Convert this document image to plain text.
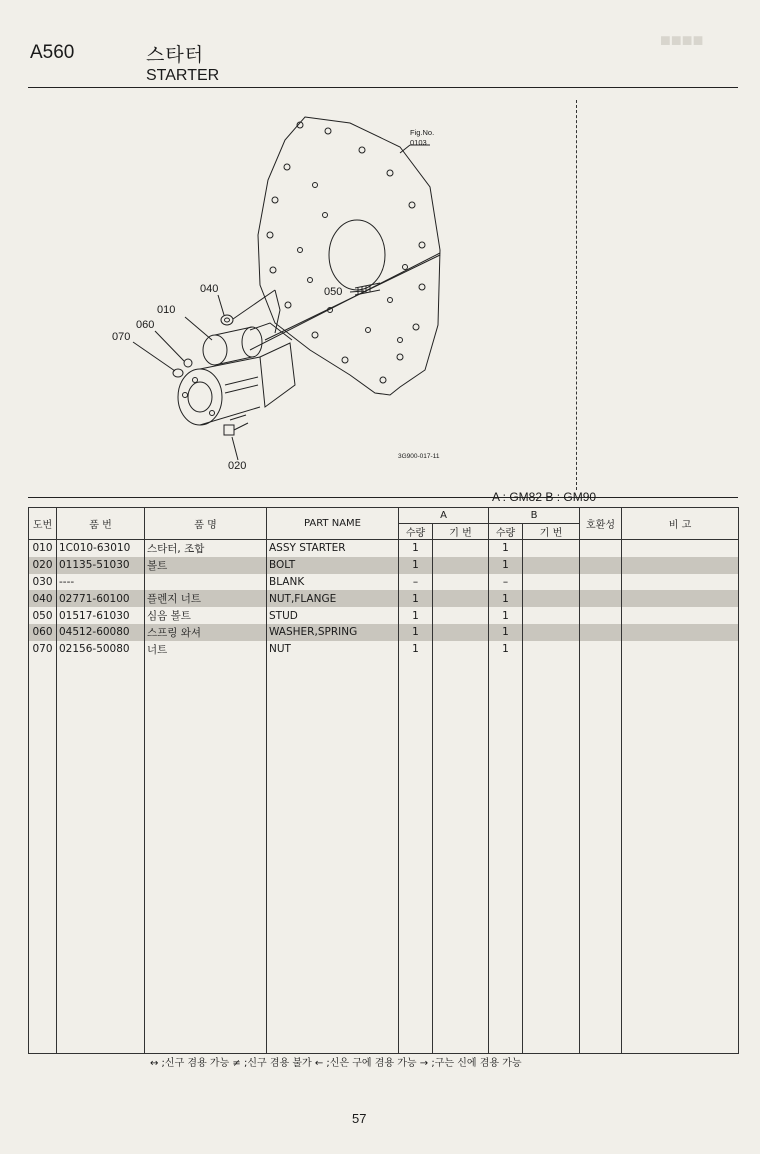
■■■■
A560	스타터
STARTER
040
010
060
070
050
020
Fig.No.
0103
3G900-017-11
A : GM82 B : GM90
도번	품 번	품 명	PART NAME	A		B		호환성	비 고
				수량	기 번	수량	기 번		
010	1C010-63010	스타터, 조합	ASSY STARTER	1		1			
020	01135-51030	볼트	BOLT	1		1			
030	----		BLANK	–		–			
040	02771-60100	플렌지 너트	NUT,FLANGE	1		1			
050	01517-61030	심음 볼트	STUD	1		1			
060	04512-60080	스프링 와셔	WASHER,SPRING	1		1			
070	02156-50080	너트	NUT	1		1			

↔ ;신구 겸용 가능 ≠ ;신구 겸용 불가 ← ;신은 구에 겸용 가능 → ;구는 신에 겸용 가능
57
